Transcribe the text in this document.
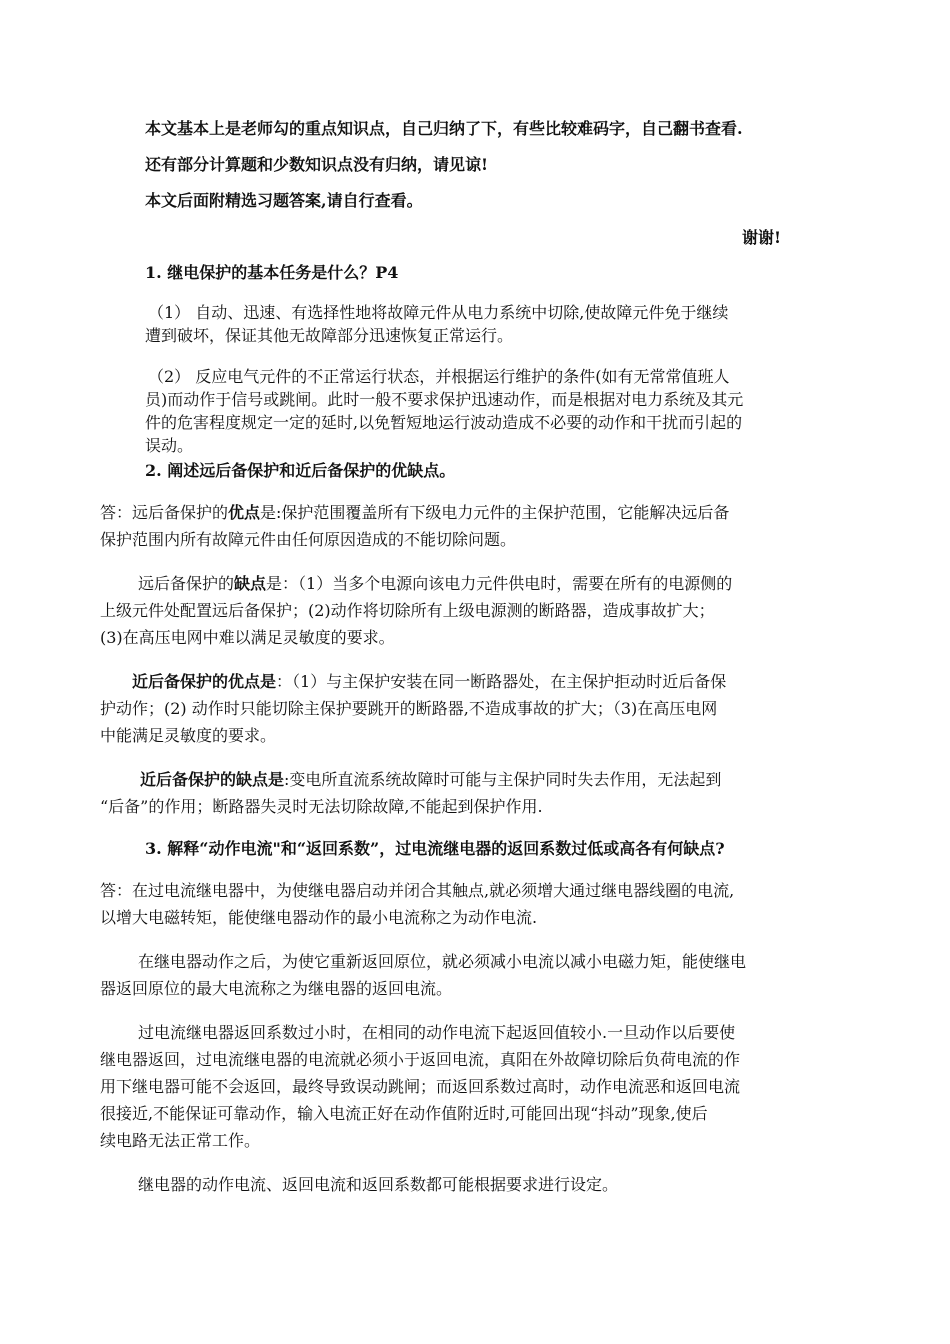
本文基本上是老师勾的重点知识点，自己归纳了下，有些比较难码字，自己翻书查看.
还有部分计算题和少数知识点没有归纳，请见谅!
本文后面附精选习题答案,请自行查看。
谢谢!
1. 继电保护的基本任务是什么？P4
（1） 自动、迅速、有选择性地将故障元件从电力系统中切除,使故障元件免于继续
遭到破坏，保证其他无故障部分迅速恢复正常运行。
（2） 反应电气元件的不正常运行状态，并根据运行维护的条件(如有无常常值班人
员)而动作于信号或跳闸。此时一般不要求保护迅速动作，而是根据对电力系统及其元
件的危害程度规定一定的延时,以免暂短地运行波动造成不必要的动作和干扰而引起的
误动。
2. 阐述远后备保护和近后备保护的优缺点。
答：远后备保护的优点是:保护范围覆盖所有下级电力元件的主保护范围，它能解决远后备
保护范围内所有故障元件由任何原因造成的不能切除问题。
远后备保护的缺点是：（1）当多个电源向该电力元件供电时，需要在所有的电源侧的
上级元件处配置远后备保护；(2)动作将切除所有上级电源测的断路器，造成事故扩大；
(3)在高压电网中难以满足灵敏度的要求。
近后备保护的优点是：（1）与主保护安装在同一断路器处，在主保护拒动时近后备保
护动作；(2) 动作时只能切除主保护要跳开的断路器,不造成事故的扩大；（3)在高压电网
中能满足灵敏度的要求。
近后备保护的缺点是:变电所直流系统故障时可能与主保护同时失去作用，无法起到
“后备”的作用；断路器失灵时无法切除故障,不能起到保护作用.
3. 解释“动作电流"和“返回系数”，过电流继电器的返回系数过低或高各有何缺点?
答：在过电流继电器中，为使继电器启动并闭合其触点,就必须增大通过继电器线圈的电流,
以增大电磁转矩，能使继电器动作的最小电流称之为动作电流.
在继电器动作之后，为使它重新返回原位，就必须减小电流以减小电磁力矩，能使继电
器返回原位的最大电流称之为继电器的返回电流。
过电流继电器返回系数过小时，在相同的动作电流下起返回值较小.一旦动作以后要使
继电器返回，过电流继电器的电流就必须小于返回电流，真阳在外故障切除后负荷电流的作
用下继电器可能不会返回，最终导致误动跳闸；而返回系数过高时，动作电流恶和返回电流
很接近,不能保证可靠动作，输入电流正好在动作值附近时,可能回出现“抖动”现象,使后
续电路无法正常工作。
继电器的动作电流、返回电流和返回系数都可能根据要求进行设定。
